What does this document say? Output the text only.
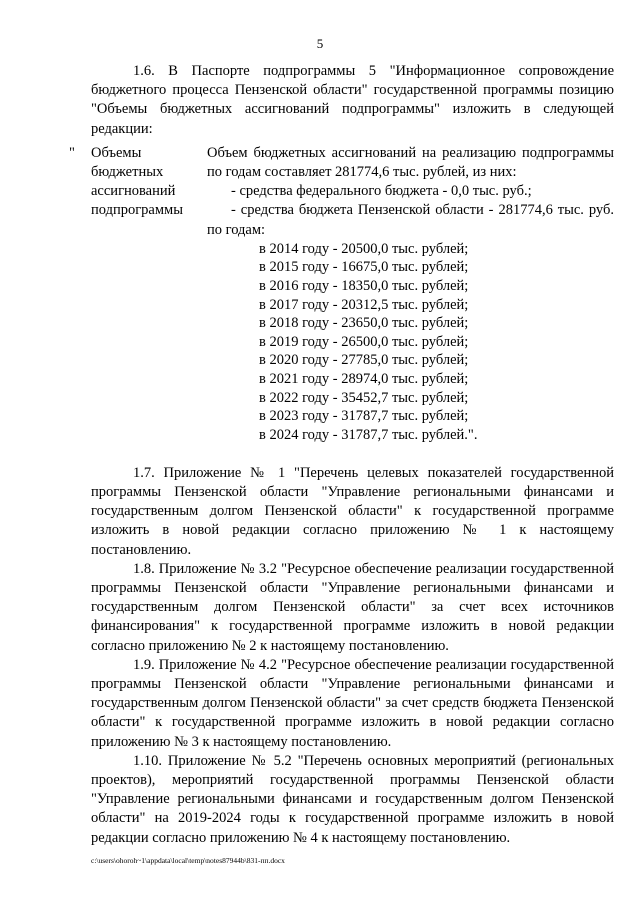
5

1.6. В Паспорте подпрограммы 5 "Информационное сопровождение бюджетного процесса Пензенской области" государственной программы позицию "Объемы бюджетных ассигнований подпрограммы" изложить в следующей редакции:

" Объемы бюджетных ассигнований подпрограммы

Объем бюджетных ассигнований на реализацию подпрограммы по годам составляет 281774,6 тыс. рублей, из них:

- средства федерального бюджета - 0,0 тыс. руб.;

- средства бюджета Пензенской области - 281774,6 тыс. руб. по годам:

в 2014 году - 20500,0 тыс. рублей;
в 2015 году - 16675,0 тыс. рублей;
в 2016 году - 18350,0 тыс. рублей;
в 2017 году - 20312,5 тыс. рублей;
в 2018 году - 23650,0 тыс. рублей;
в 2019 году - 26500,0 тыс. рублей;
в 2020 году - 27785,0 тыс. рублей;
в 2021 году - 28974,0 тыс. рублей;
в 2022 году - 35452,7 тыс. рублей;
в 2023 году - 31787,7 тыс. рублей;
в 2024 году - 31787,7 тыс. рублей.".

1.7. Приложение № 1 "Перечень целевых показателей государственной программы Пензенской области "Управление региональными финансами и государственным долгом Пензенской области" к государственной программе изложить в новой редакции согласно приложению № 1 к настоящему постановлению.

1.8. Приложение № 3.2 "Ресурсное обеспечение реализации государственной программы Пензенской области "Управление региональными финансами и государственным долгом Пензенской области" за счет всех источников финансирования" к государственной программе изложить в новой редакции согласно приложению № 2 к настоящему постановлению.

1.9. Приложение № 4.2 "Ресурсное обеспечение реализации государственной программы Пензенской области "Управление региональными финансами и государственным долгом Пензенской области" за счет средств бюджета Пензенской области" к государственной программе изложить в новой редакции согласно приложению № 3 к настоящему постановлению.

1.10. Приложение № 5.2 "Перечень основных мероприятий (региональных проектов), мероприятий государственной программы Пензенской области "Управление региональными финансами и государственным долгом Пензенской области" на 2019-2024 годы к государственной программе изложить в новой редакции согласно приложению № 4 к настоящему постановлению.

c:\users\ohoroh~1\appdata\local\temp\notes87944b\831-пп.docx
